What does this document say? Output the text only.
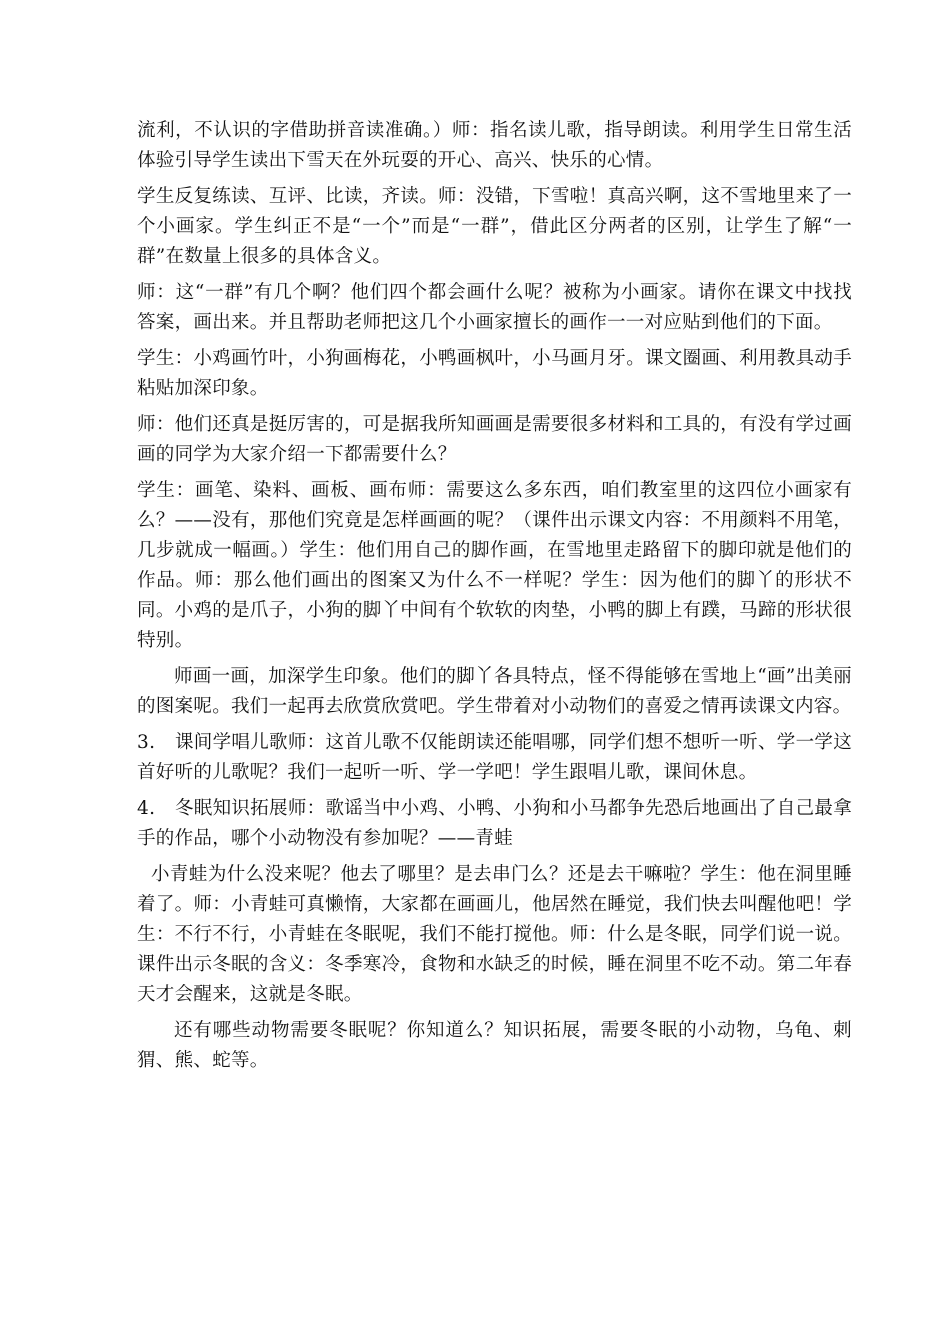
流利，不认识的字借助拼音读准确。）师：指名读儿歌，指导朗读。利用学生日常生活体验引导学生读出下雪天在外玩耍的开心、高兴、快乐的心情。

学生反复练读、互评、比读，齐读。师：没错，下雪啦！真高兴啊，这不雪地里来了一个小画家。学生纠正不是“一个”而是“一群”，借此区分两者的区别，让学生了解“一群”在数量上很多的具体含义。

师：这“一群”有几个啊？他们四个都会画什么呢？被称为小画家。请你在课文中找找答案，画出来。并且帮助老师把这几个小画家擅长的画作一一对应贴到他们的下面。

学生：小鸡画竹叶，小狗画梅花，小鸭画枫叶，小马画月牙。课文圈画、利用教具动手粘贴加深印象。

师：他们还真是挺厉害的，可是据我所知画画是需要很多材料和工具的，有没有学过画画的同学为大家介绍一下都需要什么？

学生：画笔、染料、画板、画布师：需要这么多东西，咱们教室里的这四位小画家有么？——没有，那他们究竟是怎样画画的呢？（课件出示课文内容：不用颜料不用笔，几步就成一幅画。）学生：他们用自己的脚作画，在雪地里走路留下的脚印就是他们的作品。师：那么他们画出的图案又为什么不一样呢？学生：因为他们的脚丫的形状不同。小鸡的是爪子，小狗的脚丫中间有个软软的肉垫，小鸭的脚上有蹼，马蹄的形状很特别。

师画一画，加深学生印象。他们的脚丫各具特点，怪不得能够在雪地上“画”出美丽的图案呢。我们一起再去欣赏欣赏吧。学生带着对小动物们的喜爱之情再读课文内容。

3. 课间学唱儿歌师：这首儿歌不仅能朗读还能唱哪，同学们想不想听一听、学一学这首好听的儿歌呢？我们一起听一听、学一学吧！学生跟唱儿歌，课间休息。

4. 冬眠知识拓展师：歌谣当中小鸡、小鸭、小狗和小马都争先恐后地画出了自己最拿手的作品，哪个小动物没有参加呢？——青蛙

小青蛙为什么没来呢？他去了哪里？是去串门么？还是去干嘛啦？学生：他在洞里睡着了。师：小青蛙可真懒惰，大家都在画画儿，他居然在睡觉，我们快去叫醒他吧！学生：不行不行，小青蛙在冬眠呢，我们不能打搅他。师：什么是冬眠，同学们说一说。课件出示冬眠的含义：冬季寒冷，食物和水缺乏的时候，睡在洞里不吃不动。第二年春天才会醒来，这就是冬眠。

还有哪些动物需要冬眠呢？你知道么？知识拓展，需要冬眠的小动物，乌龟、刺猬、熊、蛇等。
